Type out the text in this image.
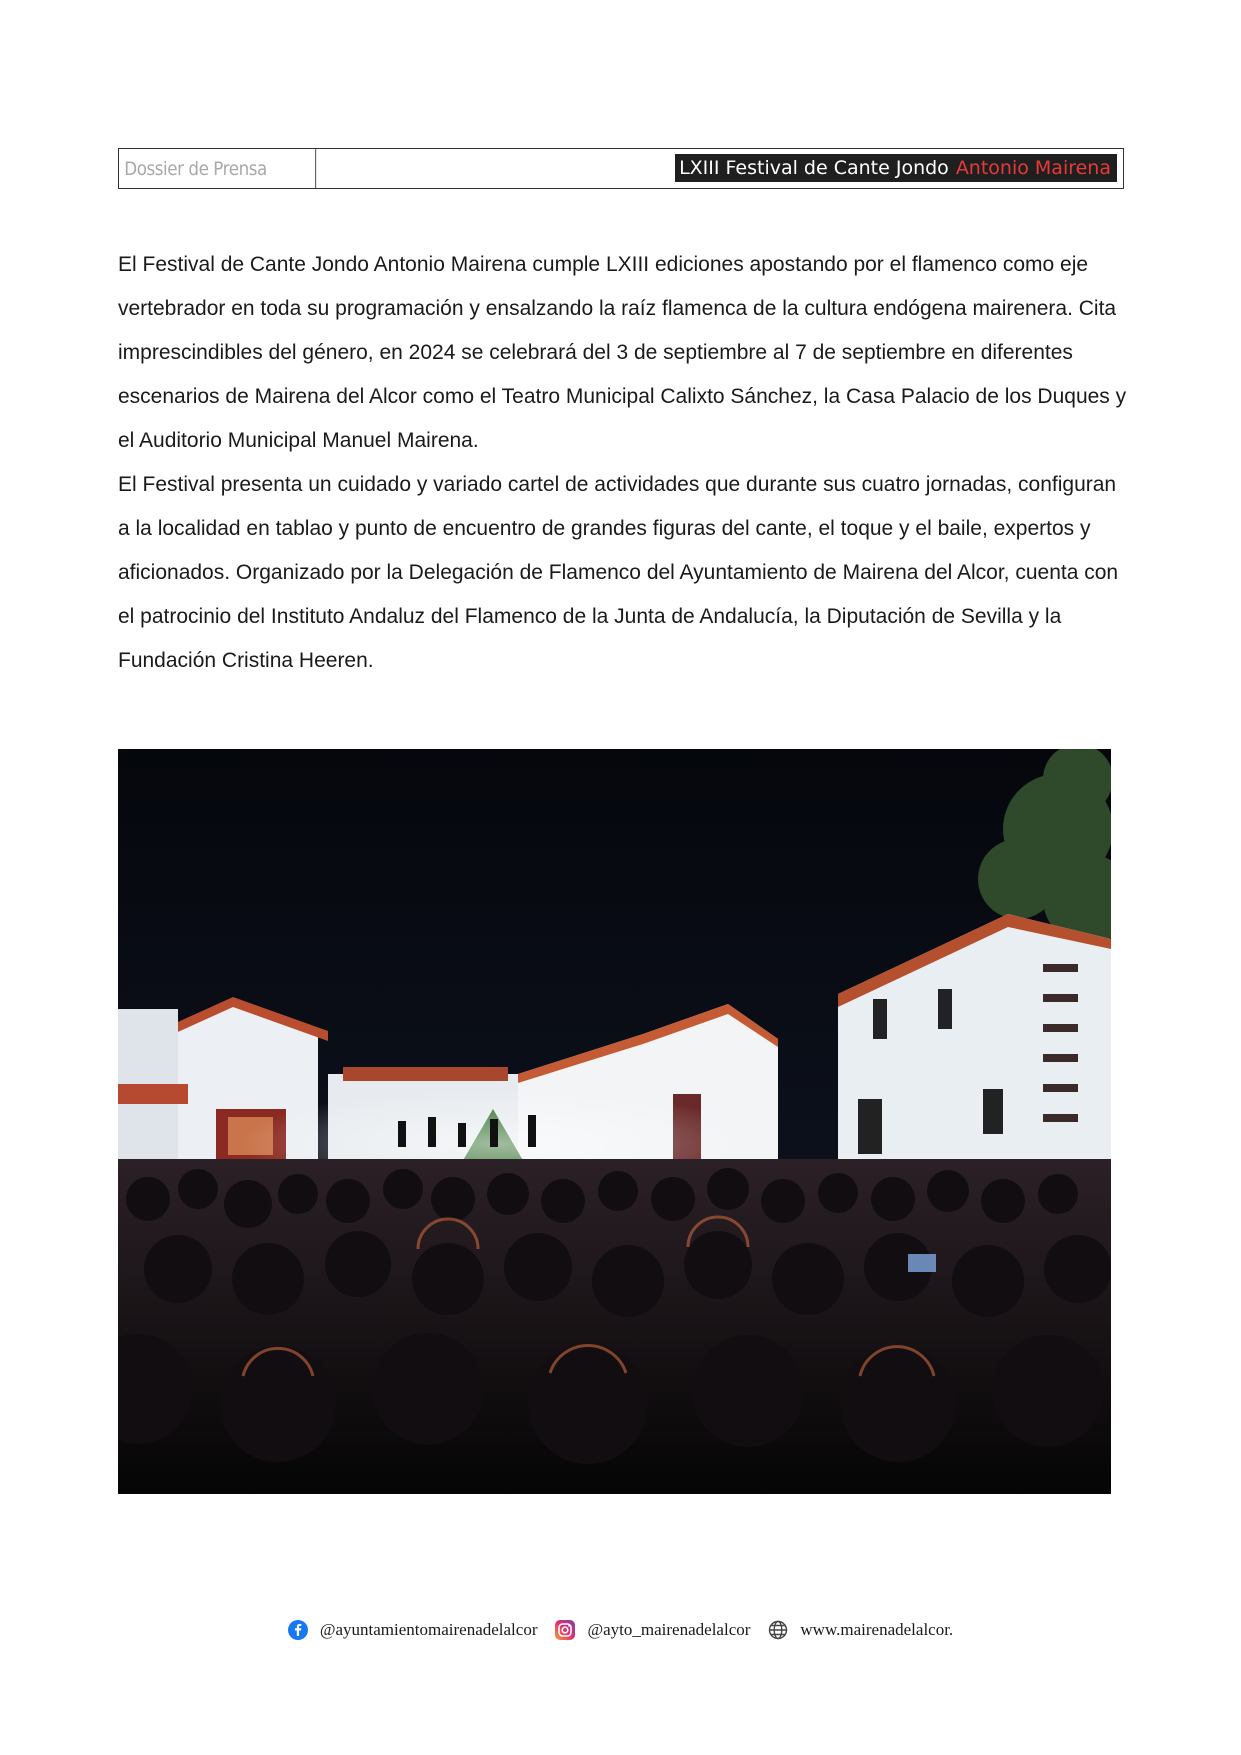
Dossier de Prensa	LXIII Festival de Cante Jondo Antonio Mairena

El Festival de Cante Jondo Antonio Mairena cumple LXIII ediciones apostando por el flamenco como eje vertebrador en toda su programación y ensalzando la raíz flamenca de la cultura endógena mairenera. Cita imprescindibles del género, en 2024 se celebrará del 3 de septiembre al 7 de septiembre en diferentes escenarios de Mairena del Alcor como el Teatro Municipal Calixto Sánchez, la Casa Palacio de los Duques y el Auditorio Municipal Manuel Mairena.

El Festival presenta un cuidado y variado cartel de actividades que durante sus cuatro jornadas, configuran a la localidad en tablao y punto de encuentro de grandes figuras del cante, el toque y el baile, expertos y aficionados. Organizado por la Delegación de Flamenco del Ayuntamiento de Mairena del Alcor, cuenta con el patrocinio del Instituto Andaluz del Flamenco de la Junta de Andalucía, la Diputación de Sevilla y la Fundación Cristina Heeren.

@ayuntamientomairenadelalcor	@ayto_mairenadelalcor	www.mairenadelalcor.
